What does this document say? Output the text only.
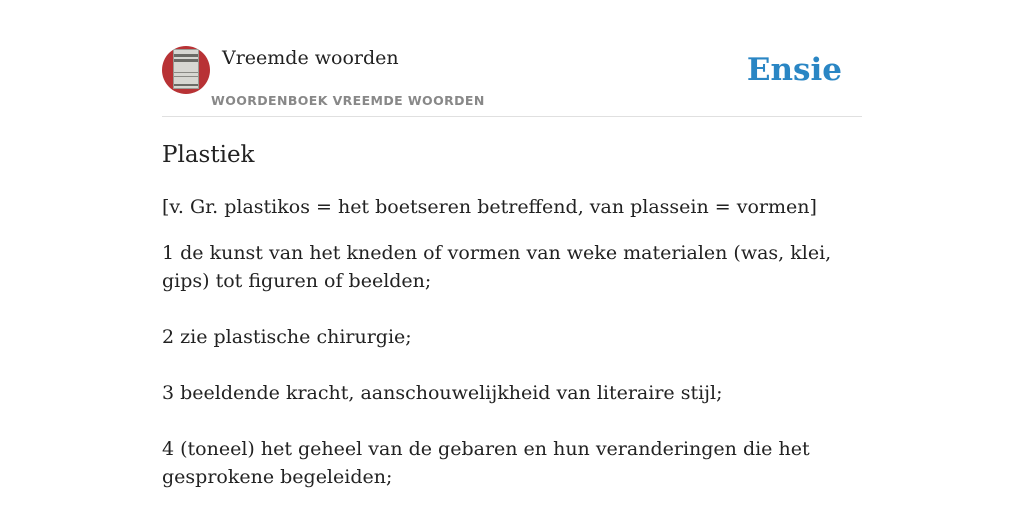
Vreemde woorden
WOORDENBOEK VREEMDE WOORDEN
Ensie
Plastiek
[v. Gr. plastikos = het boetseren betreffend, van plassein = vormen]

1 de kunst van het kneden of vormen van weke materialen (was, klei, gips) tot figuren of beelden;

2 zie plastische chirurgie;

3 beeldende kracht, aanschouwelijkheid van literaire stijl;

4 (toneel) het geheel van de gebaren en hun veranderingen die het gesprokene begeleiden;
